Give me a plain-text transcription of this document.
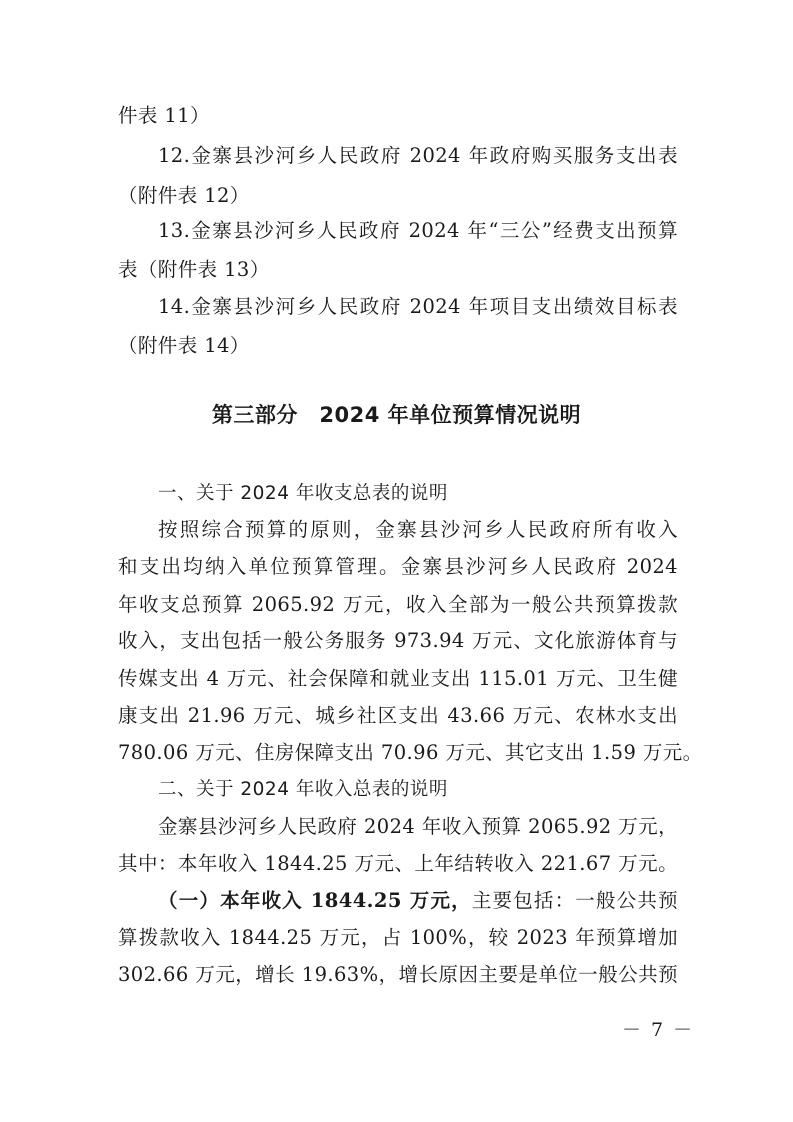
件表 11）
12.金寨县沙河乡人民政府 2024 年政府购买服务支出表
（附件表 12）
13.金寨县沙河乡人民政府 2024 年“三公”经费支出预算
表（附件表 13）
14.金寨县沙河乡人民政府 2024 年项目支出绩效目标表
（附件表 14）
第三部分　2024 年单位预算情况说明
一、关于 2024 年收支总表的说明
按照综合预算的原则，金寨县沙河乡人民政府所有收入
和支出均纳入单位预算管理。金寨县沙河乡人民政府 2024
年收支总预算 2065.92 万元，收入全部为一般公共预算拨款
收入，支出包括一般公务服务 973.94 万元、文化旅游体育与
传媒支出 4 万元、社会保障和就业支出 115.01 万元、卫生健
康支出 21.96 万元、城乡社区支出 43.66 万元、农林水支出
780.06 万元、住房保障支出 70.96 万元、其它支出 1.59 万元。
二、关于 2024 年收入总表的说明
金寨县沙河乡人民政府 2024 年收入预算 2065.92 万元，
其中：本年收入 1844.25 万元、上年结转收入 221.67 万元。
（一）本年收入 1844.25 万元，主要包括：一般公共预
算拨款收入 1844.25 万元，占 100%，较 2023 年预算增加
302.66 万元，增长 19.63%，增长原因主要是单位一般公共预
－ 7 －
